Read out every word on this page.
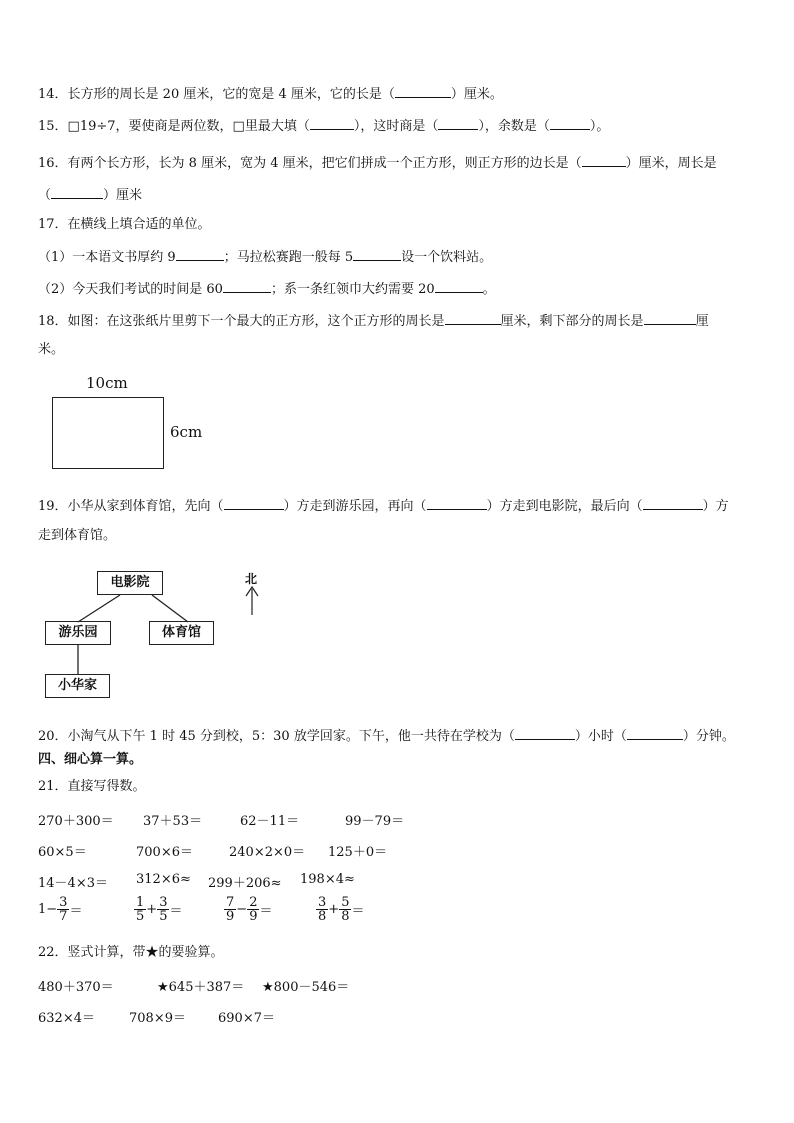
14．长方形的周长是 20 厘米，它的宽是 4 厘米，它的长是（	）厘米。
15．□19÷7，要使商是两位数，□里最大填（	），这时商是（	），余数是（	）。
16．有两个长方形，长为 8 厘米，宽为 4 厘米，把它们拼成一个正方形，则正方形的边长是（	）厘米，周长是
（	）厘米
17．在横线上填合适的单位。
（1）一本语文书厚约 9	；马拉松赛跑一般每 5	设一个饮料站。
（2）今天我们考试的时间是 60	；系一条红领巾大约需要 20	。
18．如图：在这张纸片里剪下一个最大的正方形，这个正方形的周长是	厘米，剩下部分的周长是	厘
米。
10cm
6cm
19．小华从家到体育馆，先向（	）方走到游乐园，再向（	）方走到电影院，最后向（	）方
走到体育馆。
电影院
游乐园	体育馆
小华家
北
20．小淘气从下午 1 时 45 分到校，5：30 放学回家。下午，他一共待在学校为（	）小时（	）分钟。
四、细心算一算。
21．直接写得数。
270＋300＝ 37＋53＝	62－11＝	99－79＝
60×5＝	700×6＝	240×2×0＝ 125＋0＝
14－4×3＝ 312×6≈ 299＋206≈ 198×4≈
$1- \frac{3}{7}$ ＝	$\frac{1}{5} + \frac{3}{5}$ ＝	$\frac{7}{9} - \frac{2}{9}$ ＝	$\frac{3}{8} + \frac{5}{8}$ ＝
22．竖式计算，带★的要验算。
480＋370＝	★645＋387＝ ★800－546＝
632×4＝	708×9＝ 690×7＝
